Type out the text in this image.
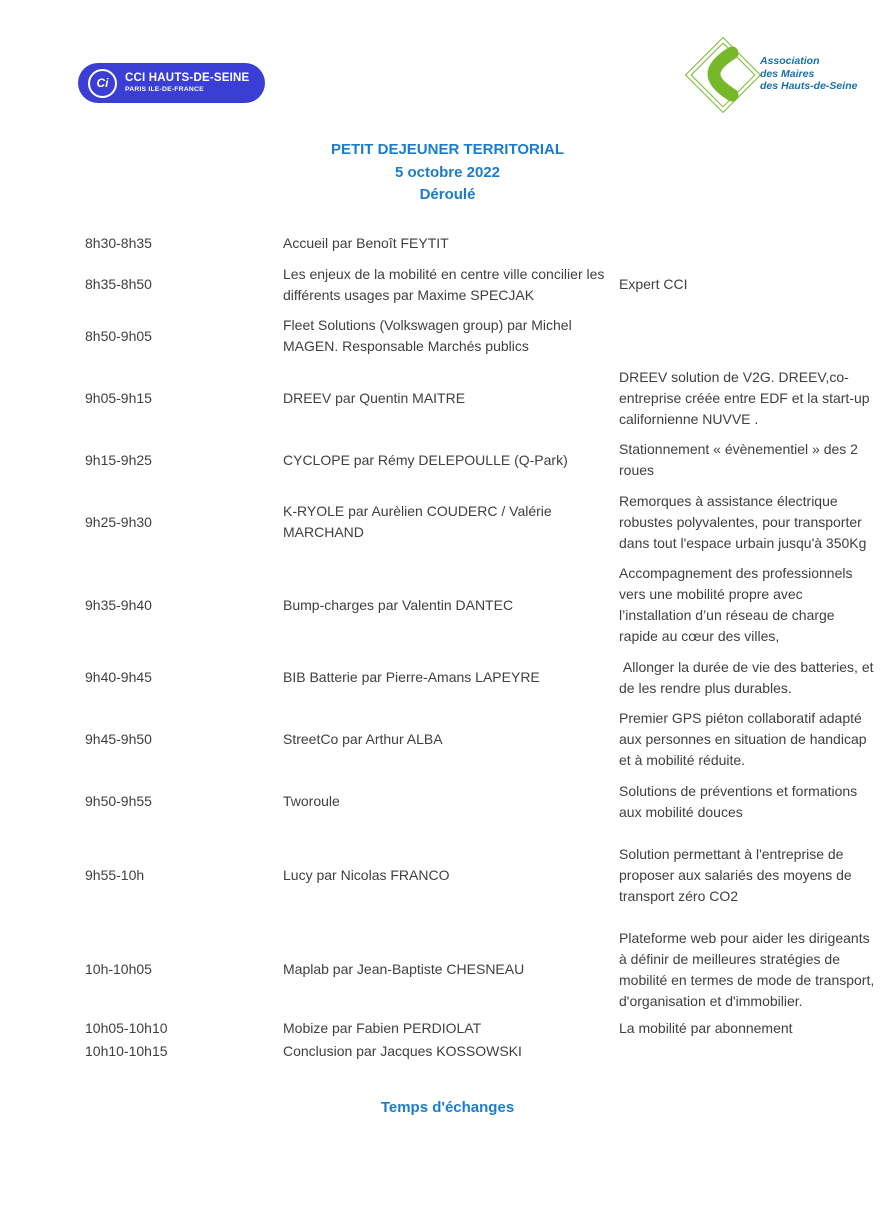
Ci	CCI HAUTS-DE-SEINE
PARIS ILE-DE-FRANCE
Association
des Maires
des Hauts-de-Seine
PETIT DEJEUNER TERRITORIAL
5 octobre 2022
Déroulé
8h30-8h35	Accueil par Benoît FEYTIT	
8h35-8h50	Les enjeux de la mobilité en centre ville concilier les différents usages par Maxime SPECJAK	Expert CCI
8h50-9h05	Fleet Solutions (Volkswagen group) par Michel MAGEN. Responsable Marchés publics	
9h05-9h15	DREEV par Quentin MAITRE	DREEV solution de V2G. DREEV,co-entreprise créée entre EDF et la start-up californienne NUVVE .
9h15-9h25	CYCLOPE par Rémy DELEPOULLE (Q-Park)	Stationnement « évènementiel » des 2 roues
9h25-9h30	K-RYOLE par Aurèlien COUDERC / Valérie MARCHAND	Remorques à assistance électrique robustes polyvalentes, pour transporter dans tout l'espace urbain jusqu'à 350Kg
9h35-9h40	Bump-charges par Valentin DANTEC	Accompagnement des professionnels vers une mobilité propre avec l’installation d’un réseau de charge rapide au cœur des villes,
9h40-9h45	BIB Batterie par Pierre-Amans LAPEYRE	Allonger la durée de vie des batteries, et de les rendre plus durables.
9h45-9h50	StreetCo par Arthur ALBA	Premier GPS piéton collaboratif adapté aux personnes en situation de handicap et à mobilité réduite.
9h50-9h55	Tworoule	Solutions de préventions et formations aux mobilité douces
9h55-10h	Lucy par Nicolas FRANCO	Solution permettant à l'entreprise de proposer aux salariés des moyens de transport zéro CO2
10h-10h05	Maplab par Jean-Baptiste CHESNEAU	Plateforme web pour aider les dirigeants à définir de meilleures stratégies de mobilité en termes de mode de transport, d'organisation et d'immobilier.
10h05-10h10	Mobize par Fabien PERDIOLAT	La mobilité par abonnement
10h10-10h15	Conclusion par Jacques KOSSOWSKI	
Temps d'échanges
